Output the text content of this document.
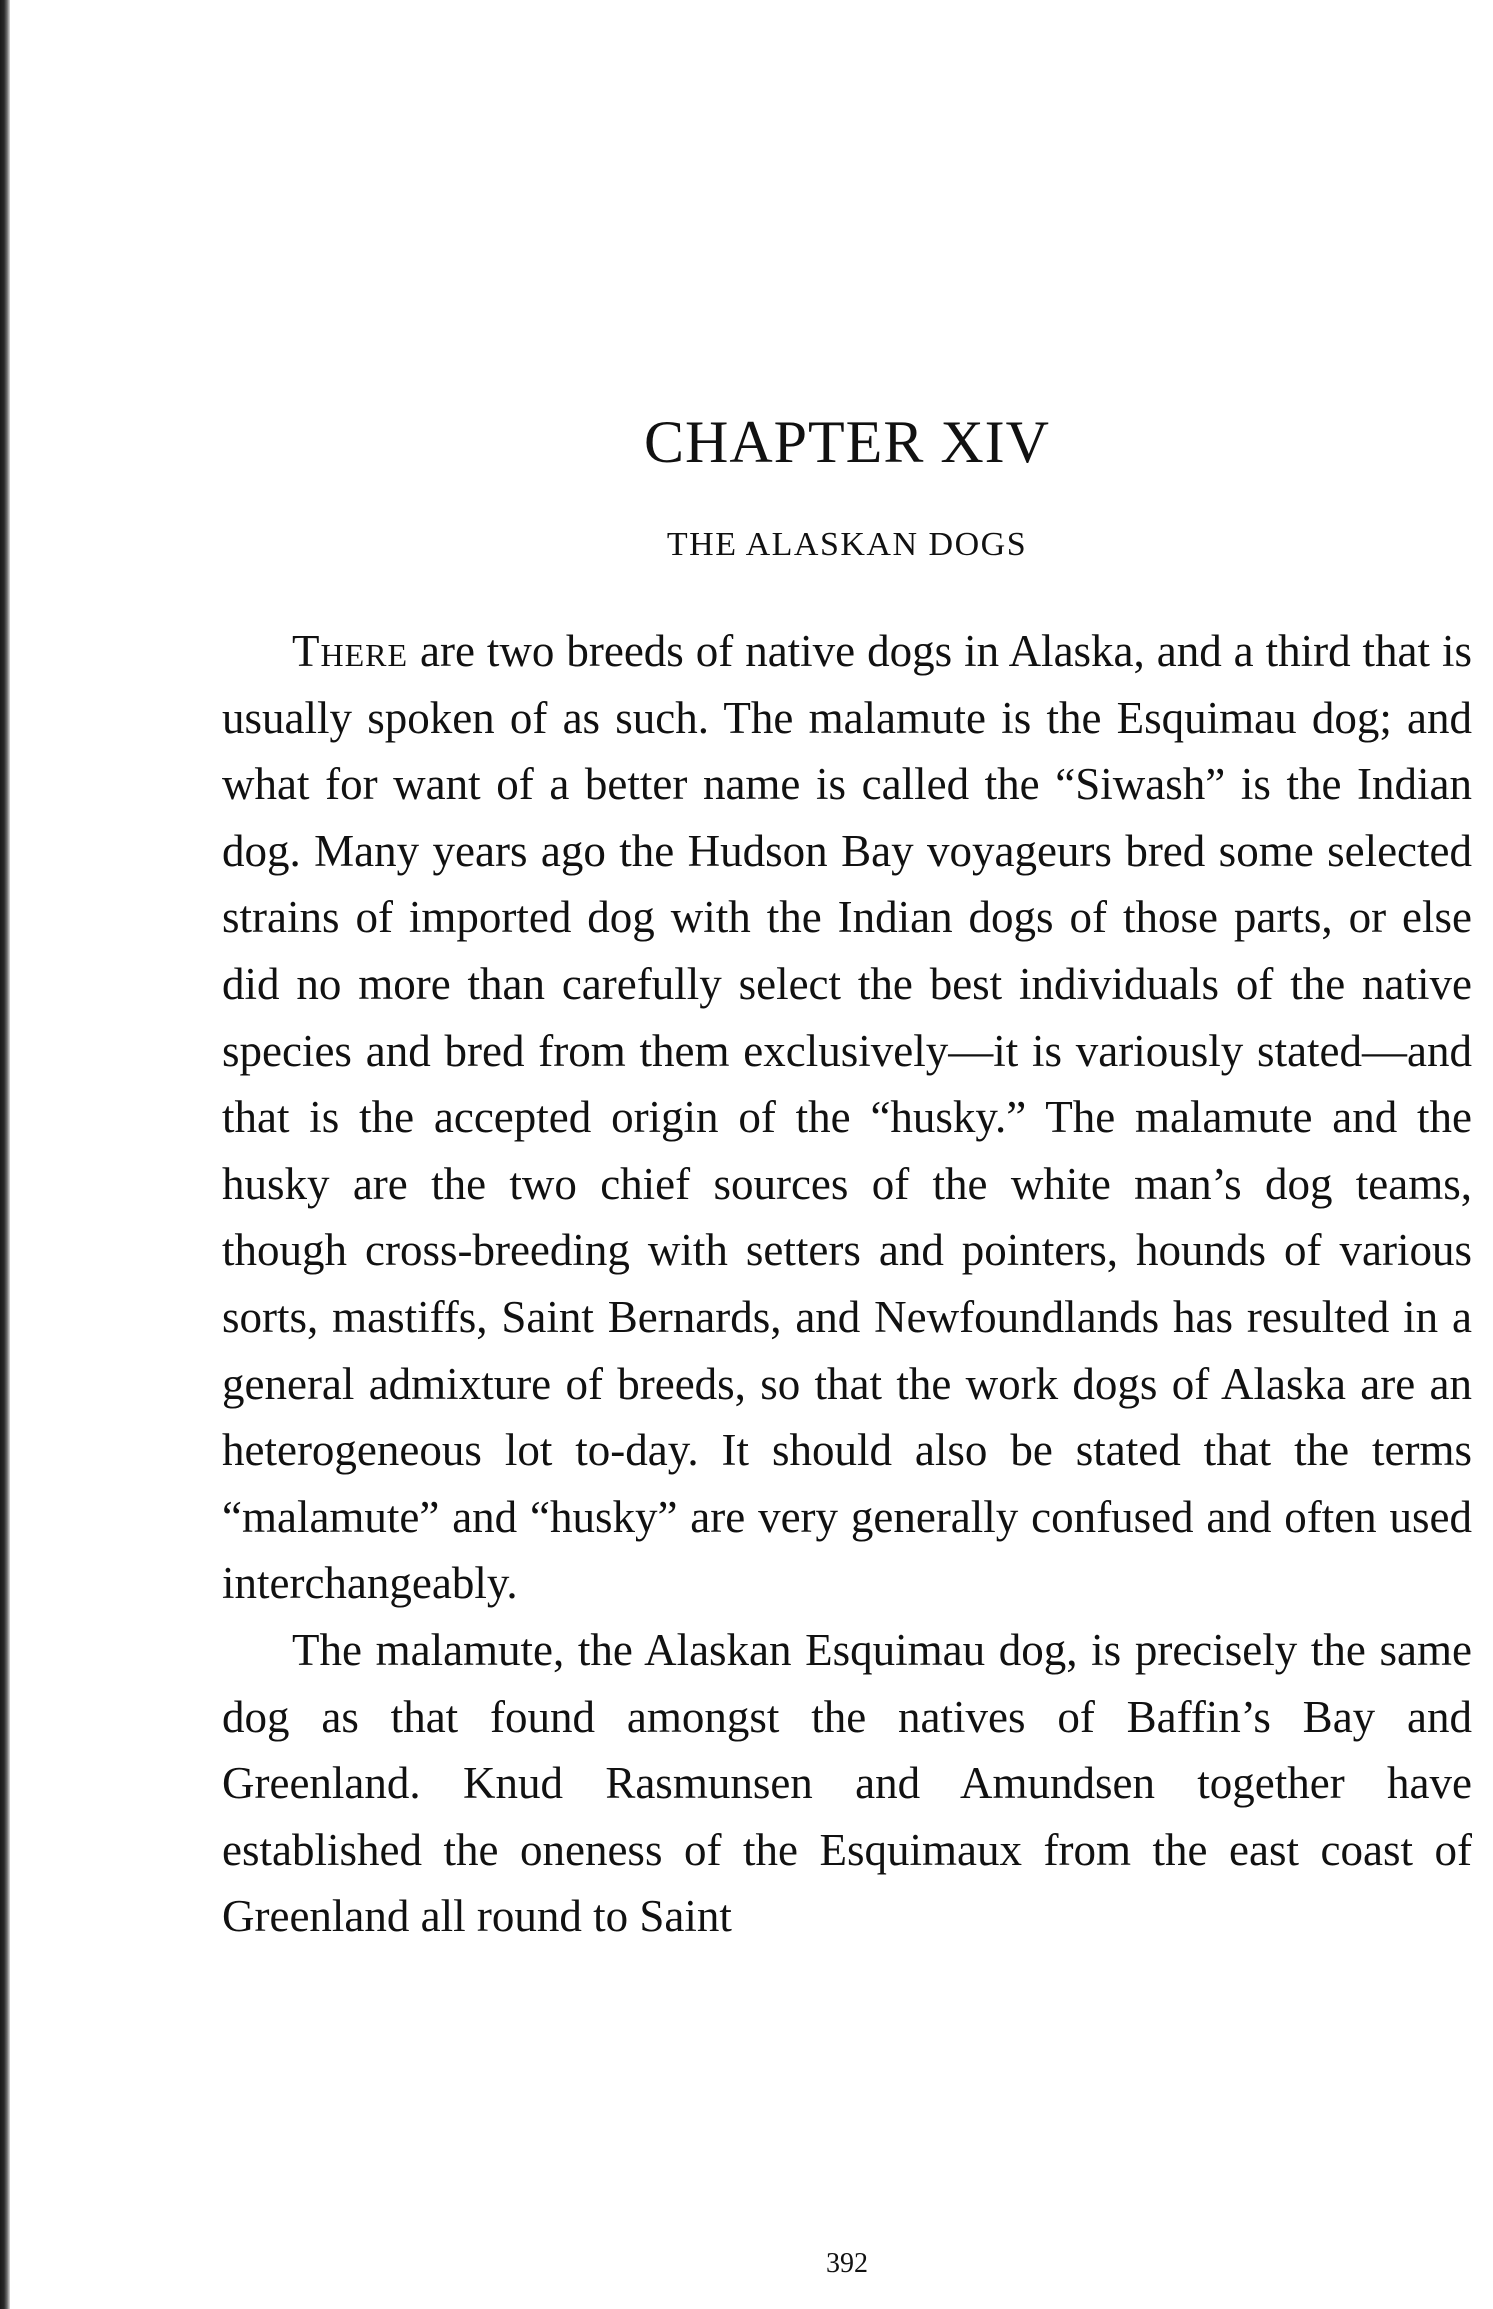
CHAPTER XIV
THE ALASKAN DOGS

There are two breeds of native dogs in Alaska, and a third that is usually spoken of as such. The malamute is the Esquimau dog; and what for want of a better name is called the “Siwash” is the Indian dog. Many years ago the Hudson Bay voyageurs bred some selected strains of imported dog with the Indian dogs of those parts, or else did no more than carefully select the best individuals of the native species and bred from them exclusively—it is variously stated—and that is the accepted origin of the “husky.” The malamute and the husky are the two chief sources of the white man’s dog teams, though cross-breeding with setters and pointers, hounds of various sorts, mastiffs, Saint Bernards, and Newfoundlands has resulted in a general admixture of breeds, so that the work dogs of Alaska are an heterogeneous lot to-day. It should also be stated that the terms “malamute” and “husky” are very generally confused and often used interchangeably.

The malamute, the Alaskan Esquimau dog, is precisely the same dog as that found amongst the natives of Baffin’s Bay and Greenland. Knud Rasmunsen and Amundsen together have established the oneness of the Esquimaux from the east coast of Greenland all round to Saint

392
